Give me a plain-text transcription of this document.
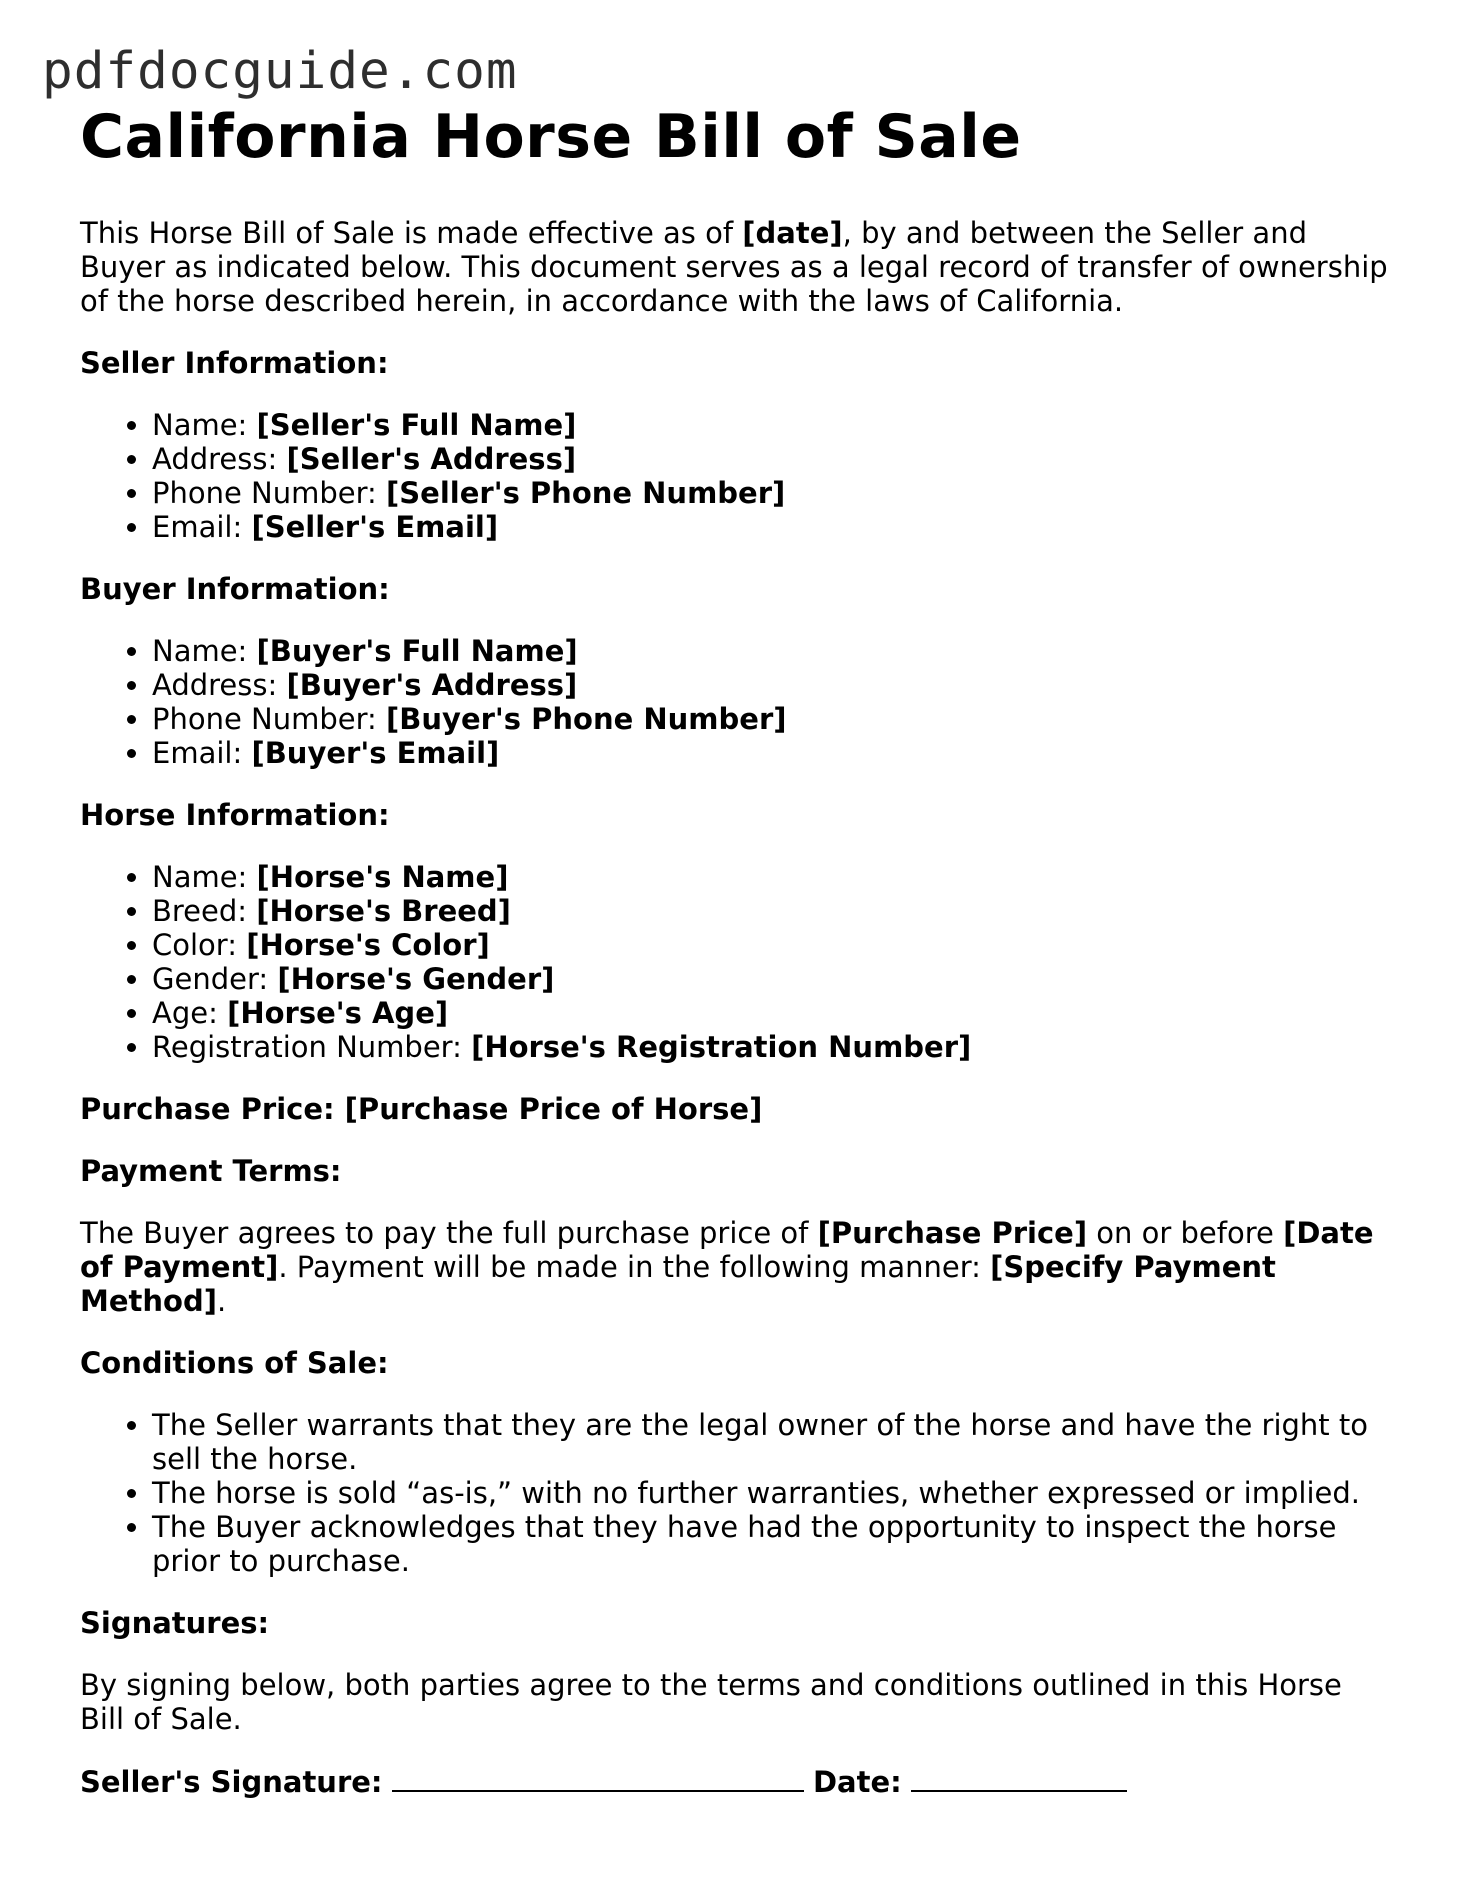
pdfdocguide.com
California Horse Bill of Sale

This Horse Bill of Sale is made effective as of [date], by and between the Seller and Buyer as indicated below. This document serves as a legal record of transfer of ownership of the horse described herein, in accordance with the laws of California.

Seller Information:
• Name: [Seller's Full Name]
• Address: [Seller's Address]
• Phone Number: [Seller's Phone Number]
• Email: [Seller's Email]
Buyer Information:
• Name: [Buyer's Full Name]
• Address: [Buyer's Address]
• Phone Number: [Buyer's Phone Number]
• Email: [Buyer's Email]
Horse Information:
• Name: [Horse's Name]
• Breed: [Horse's Breed]
• Color: [Horse's Color]
• Gender: [Horse's Gender]
• Age: [Horse's Age]
• Registration Number: [Horse's Registration Number]
Purchase Price: [Purchase Price of Horse]
Payment Terms:

The Buyer agrees to pay the full purchase price of [Purchase Price] on or before [Date of Payment]. Payment will be made in the following manner: [Specify Payment Method].

Conditions of Sale:
• The Seller warrants that they are the legal owner of the horse and have the right to sell the horse.
• The horse is sold “as-is,” with no further warranties, whether expressed or implied.
• The Buyer acknowledges that they have had the opportunity to inspect the horse prior to purchase.
Signatures:

By signing below, both parties agree to the terms and conditions outlined in this Horse Bill of Sale.

Seller's Signature:	Date:
